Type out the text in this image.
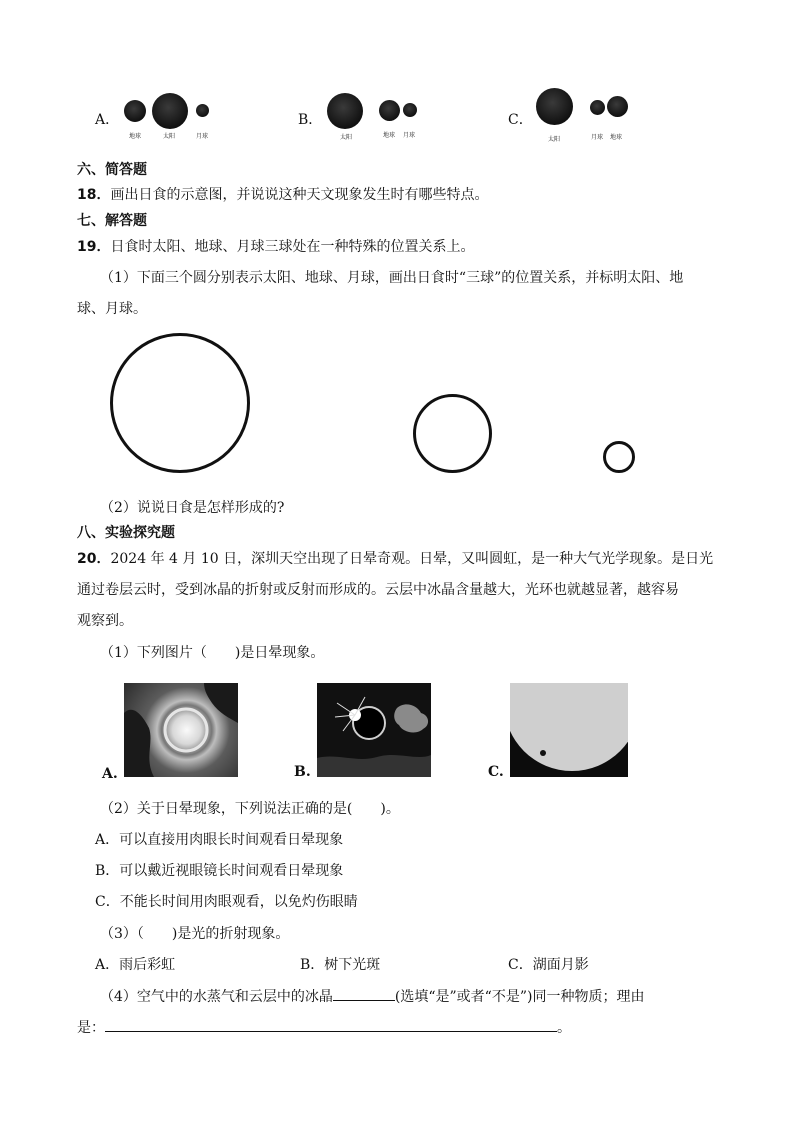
A．
地球	太阳	月球
B．
太阳	地球 月球
C．
太阳	月球 地球
六、简答题
18．画出日食的示意图，并说说这种天文现象发生时有哪些特点。
七、解答题
19．日食时太阳、地球、月球三球处在一种特殊的位置关系上。
（1）下面三个圆分别表示太阳、地球、月球，画出日食时“三球”的位置关系，并标明太阳、地
球、月球。
（2）说说日食是怎样形成的?
八、实验探究题
20．2024 年 4 月 10 日，深圳天空出现了日晕奇观。日晕，又叫圆虹，是一种大气光学现象。是日光
通过卷层云时，受到冰晶的折射或反射而形成的。云层中冰晶含量越大，光环也就越显著，越容易
观察到。
（1）下列图片（　　)是日晕现象。
A.	B.	C.
（2）关于日晕现象，下列说法正确的是(　　)。
A．可以直接用肉眼长时间观看日晕现象
B．可以戴近视眼镜长时间观看日晕现象
C．不能长时间用肉眼观看，以免灼伤眼睛
（3）（　　)是光的折射现象。
A．雨后彩虹	B．树下光斑	C．湖面月影
（4）空气中的水蒸气和云层中的冰晶	(选填“是”或者“不是”)同一种物质；理由
是：	。
